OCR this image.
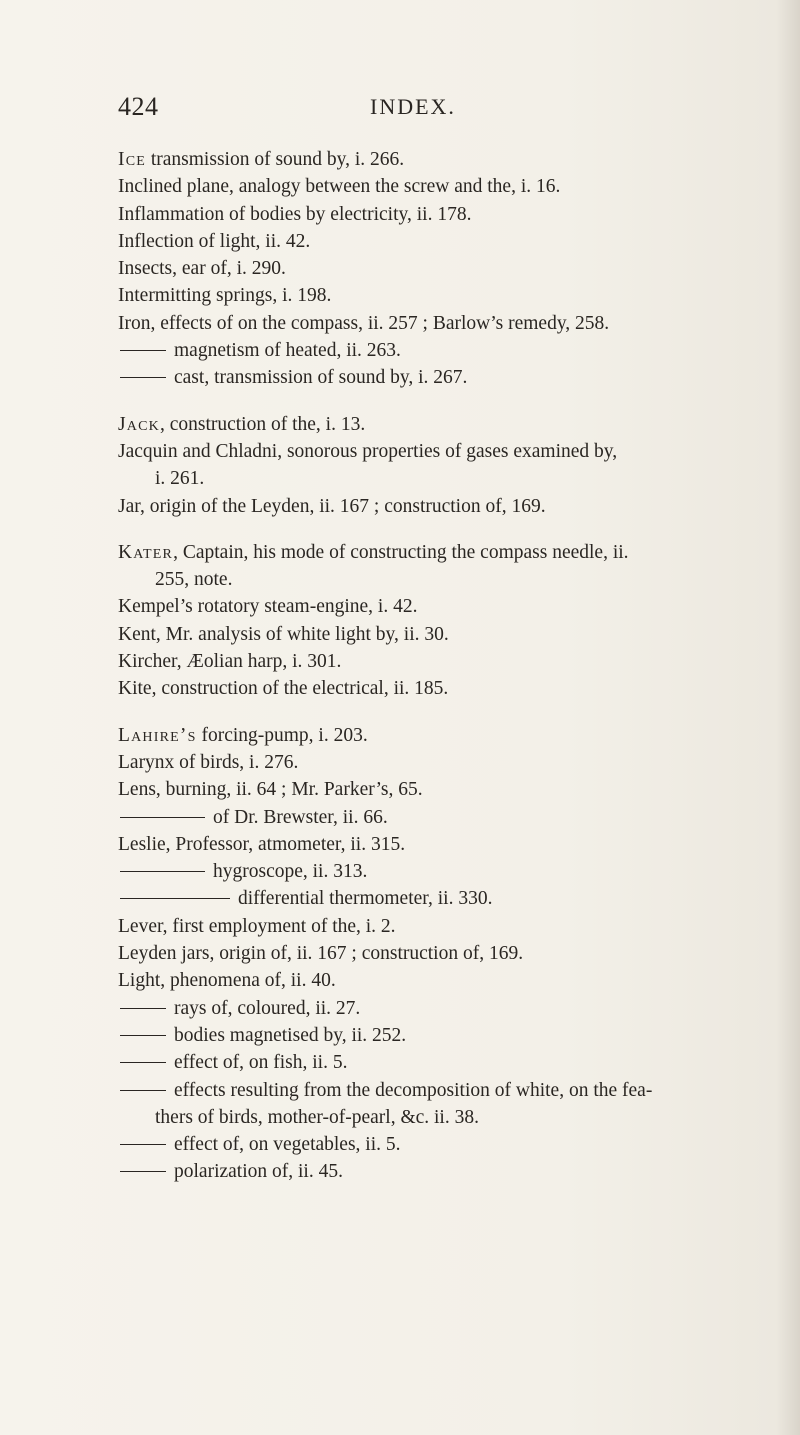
424	INDEX.
Ice transmission of sound by, i. 266.
Inclined plane, analogy between the screw and the, i. 16.
Inflammation of bodies by electricity, ii. 178.
Inflection of light, ii. 42.
Insects, ear of, i. 290.
Intermitting springs, i. 198.
Iron, effects of on the compass, ii. 257 ; Barlow’s remedy, 258.
magnetism of heated, ii. 263.
cast, transmission of sound by, i. 267.
Jack, construction of the, i. 13.
Jacquin and Chladni, sonorous properties of gases examined by,
i. 261.
Jar, origin of the Leyden, ii. 167 ; construction of, 169.
Kater, Captain, his mode of constructing the compass needle, ii.
255, note.
Kempel’s rotatory steam-engine, i. 42.
Kent, Mr. analysis of white light by, ii. 30.
Kircher, Æolian harp, i. 301.
Kite, construction of the electrical, ii. 185.
Lahire’s forcing-pump, i. 203.
Larynx of birds, i. 276.
Lens, burning, ii. 64 ; Mr. Parker’s, 65.
of Dr. Brewster, ii. 66.
Leslie, Professor, atmometer, ii. 315.
hygroscope, ii. 313.
differential thermometer, ii. 330.
Lever, first employment of the, i. 2.
Leyden jars, origin of, ii. 167 ; construction of, 169.
Light, phenomena of, ii. 40.
rays of, coloured, ii. 27.
bodies magnetised by, ii. 252.
effect of, on fish, ii. 5.
effects resulting from the decomposition of white, on the fea-
thers of birds, mother-of-pearl, &c. ii. 38.
effect of, on vegetables, ii. 5.
polarization of, ii. 45.
